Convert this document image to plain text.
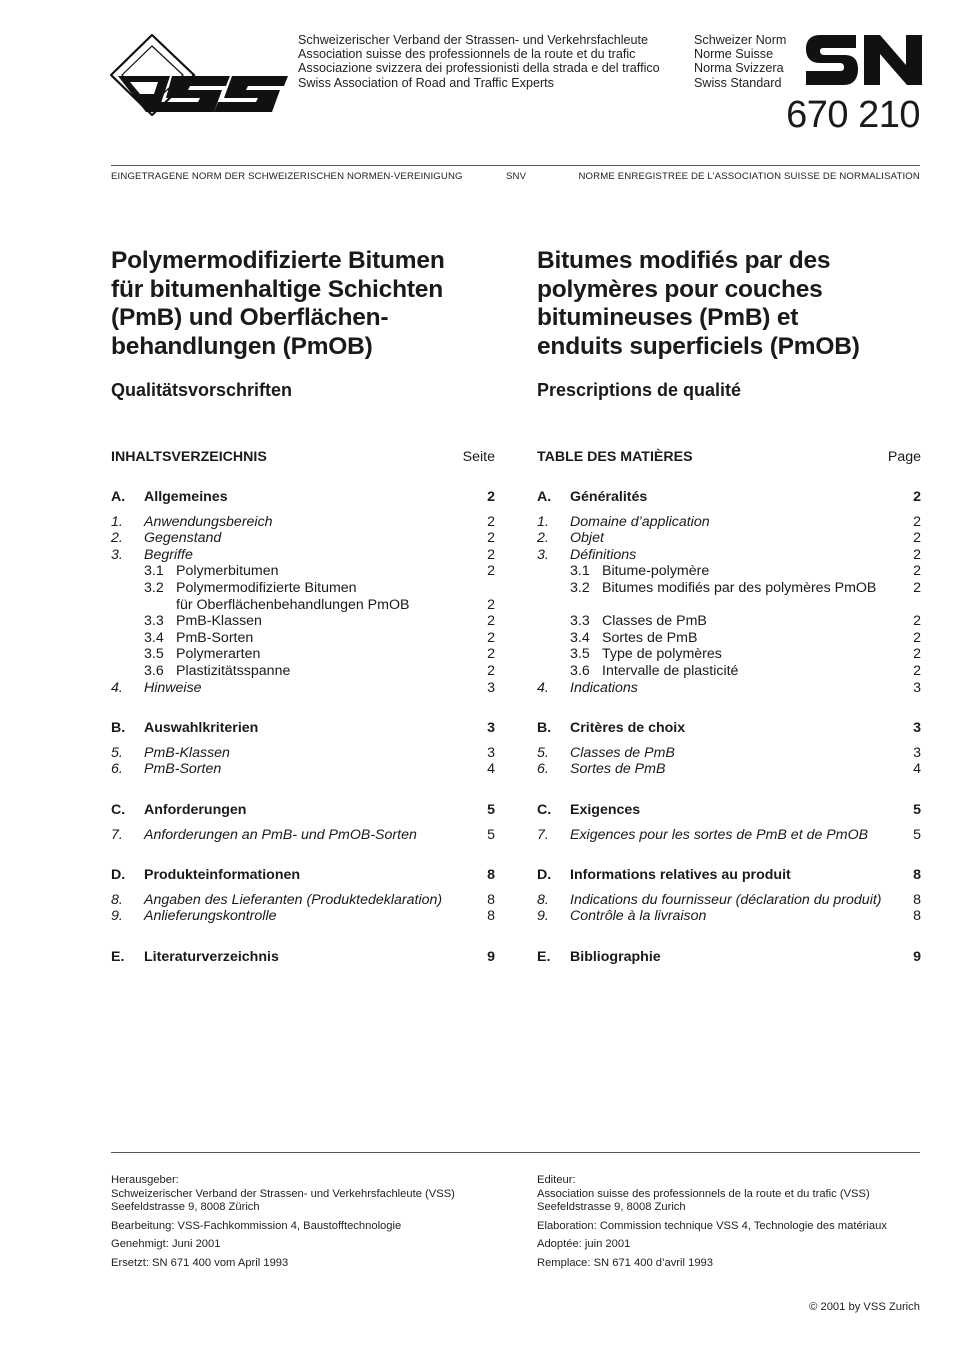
Schweizerischer Verband der Strassen- und Verkehrsfachleute
Association suisse des professionnels de la route et du trafic
Associazione svizzera dei professionisti della strada e del traffico
Swiss Association of Road and Traffic Experts
Schweizer Norm
Norme Suisse
Norma Svizzera
Swiss Standard
670 210
EINGETRAGENE NORM DER SCHWEIZERISCHEN NORMEN-VEREINIGUNG	SNV	NORME ENREGISTREE DE L’ASSOCIATION SUISSE DE NORMALISATION
Polymermodifizierte Bitumen
für bitumenhaltige Schichten
(PmB) und Oberflächen-
behandlungen (PmOB)
Qualitätsvorschriften
INHALTSVERZEICHNIS	Seite
A.	Allgemeines	2
1.	Anwendungsbereich	2
2.	Gegenstand	2
3.	Begriffe	2
3.1 Polymerbitumen	2
3.2 Polymermodifizierte Bitumen
für Oberflächenbehandlungen PmOB	2
3.3 PmB-Klassen	2
3.4 PmB-Sorten	2
3.5 Polymerarten	2
3.6 Plastizitätsspanne	2
4.	Hinweise	3
B.	Auswahlkriterien	3
5.	PmB-Klassen	3
6.	PmB-Sorten	4
C.	Anforderungen	5
7.	Anforderungen an PmB- und PmOB-Sorten	5
D.	Produkteinformationen	8
8.	Angaben des Lieferanten (Produktedeklaration)	8
9.	Anlieferungskontrolle	8
E.	Literaturverzeichnis	9
Bitumes modifiés par des
polymères pour couches
bitumineuses (PmB) et
enduits superficiels (PmOB)
Prescriptions de qualité
TABLE DES MATIÈRES	Page
A.	Généralités	2
1.	Domaine d’application	2
2.	Objet	2
3.	Définitions	2
3.1 Bitume-polymère	2
3.2 Bitumes modifiés par des polymères PmOB	2
3.3 Classes de PmB	2
3.4 Sortes de PmB	2
3.5 Type de polymères	2
3.6 Intervalle de plasticité	2
4.	Indications	3
B.	Critères de choix	3
5.	Classes de PmB	3
6.	Sortes de PmB	4
C.	Exigences	5
7.	Exigences pour les sortes de PmB et de PmOB	5
D.	Informations relatives au produit	8
8.	Indications du fournisseur (déclaration du produit)	8
9.	Contrôle à la livraison	8
E.	Bibliographie	9

Herausgeber:
Schweizerischer Verband der Strassen- und Verkehrsfachleute (VSS)
Seefeldstrasse 9, 8008 Zürich

Bearbeitung: VSS-Fachkommission 4, Baustofftechnologie

Genehmigt: Juni 2001

Ersetzt: SN 671 400 vom April 1993

Editeur:
Association suisse des professionnels de la route et du trafic (VSS)
Seefeldstrasse 9, 8008 Zurich

Elaboration: Commission technique VSS 4, Technologie des matériaux

Adoptée: juin 2001

Remplace: SN 671 400 d’avril 1993

© 2001 by VSS Zurich
